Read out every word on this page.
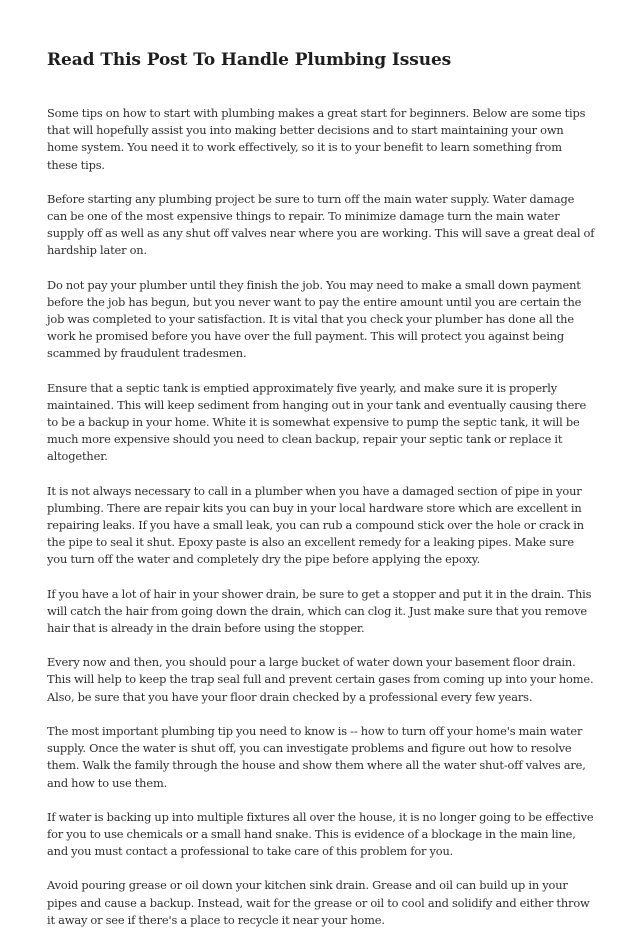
Read This Post To Handle Plumbing Issues

Some tips on how to start with plumbing makes a great start for beginners. Below are some tips that will hopefully assist you into making better decisions and to start maintaining your own home system. You need it to work effectively, so it is to your benefit to learn something from these tips.

Before starting any plumbing project be sure to turn off the main water supply. Water damage can be one of the most expensive things to repair. To minimize damage turn the main water supply off as well as any shut off valves near where you are working. This will save a great deal of hardship later on.

Do not pay your plumber until they finish the job. You may need to make a small down payment before the job has begun, but you never want to pay the entire amount until you are certain the job was completed to your satisfaction. It is vital that you check your plumber has done all the work he promised before you have over the full payment. This will protect you against being scammed by fraudulent tradesmen.

Ensure that a septic tank is emptied approximately five yearly, and make sure it is properly maintained. This will keep sediment from hanging out in your tank and eventually causing there to be a backup in your home. White it is somewhat expensive to pump the septic tank, it will be much more expensive should you need to clean backup, repair your septic tank or replace it altogether.

It is not always necessary to call in a plumber when you have a damaged section of pipe in your plumbing. There are repair kits you can buy in your local hardware store which are excellent in repairing leaks. If you have a small leak, you can rub a compound stick over the hole or crack in the pipe to seal it shut. Epoxy paste is also an excellent remedy for a leaking pipes. Make sure you turn off the water and completely dry the pipe before applying the epoxy.

If you have a lot of hair in your shower drain, be sure to get a stopper and put it in the drain. This will catch the hair from going down the drain, which can clog it. Just make sure that you remove hair that is already in the drain before using the stopper.

Every now and then, you should pour a large bucket of water down your basement floor drain. This will help to keep the trap seal full and prevent certain gases from coming up into your home. Also, be sure that you have your floor drain checked by a professional every few years.

The most important plumbing tip you need to know is -- how to turn off your home's main water supply. Once the water is shut off, you can investigate problems and figure out how to resolve them. Walk the family through the house and show them where all the water shut-off valves are, and how to use them.

If water is backing up into multiple fixtures all over the house, it is no longer going to be effective for you to use chemicals or a small hand snake. This is evidence of a blockage in the main line, and you must contact a professional to take care of this problem for you.

Avoid pouring grease or oil down your kitchen sink drain. Grease and oil can build up in your pipes and cause a backup. Instead, wait for the grease or oil to cool and solidify and either throw it away or see if there's a place to recycle it near your home.
